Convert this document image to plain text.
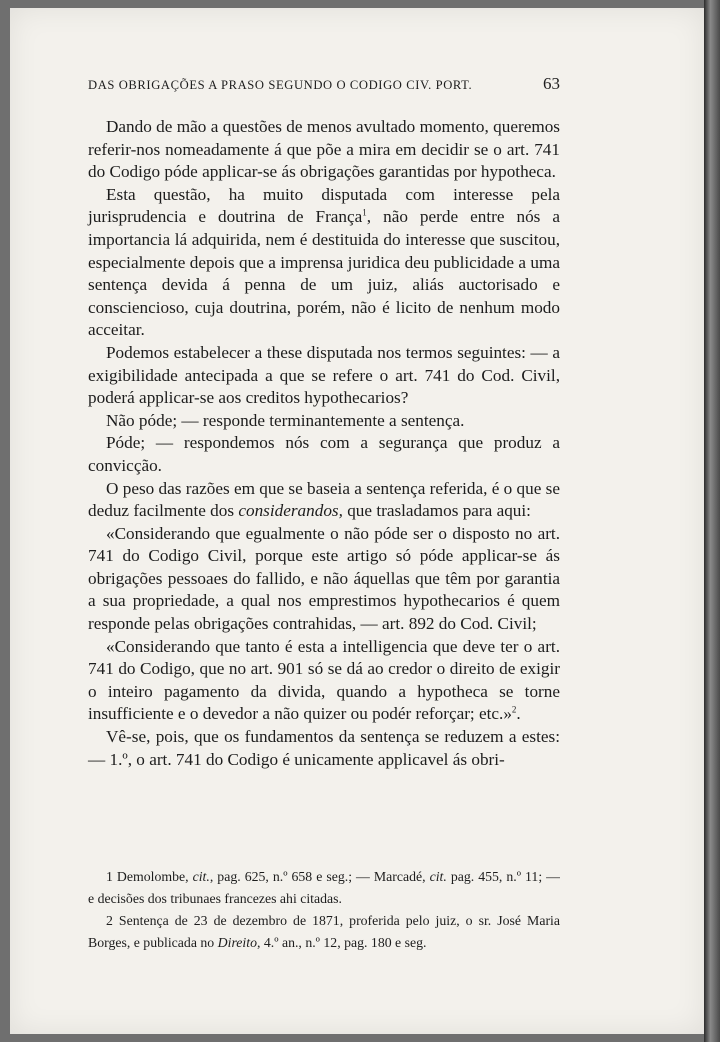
DAS OBRIGAÇÕES A PRASO SEGUNDO O CODIGO CIV. PORT.	63

Dando de mão a questões de menos avultado momento, queremos referir-nos nomeadamente á que põe a mira em decidir se o art. 741 do Codigo póde applicar-se ás obrigações garantidas por hypotheca.

Esta questão, ha muito disputada com interesse pela jurisprudencia e doutrina de França$^1$, não perde entre nós a importancia lá adquirida, nem é destituida do interesse que suscitou, especialmente depois que a imprensa juridica deu publicidade a uma sentença devida á penna de um juiz, aliás auctorisado e consciencioso, cuja doutrina, porém, não é licito de nenhum modo acceitar.

Podemos estabelecer a these disputada nos termos seguintes: — a exigibilidade antecipada a que se refere o art. 741 do Cod. Civil, poderá applicar-se aos creditos hypothecarios?

Não póde; — responde terminantemente a sentença.

Póde; — respondemos nós com a segurança que produz a convicção.

O peso das razões em que se baseia a sentença referida, é o que se deduz facilmente dos considerandos, que trasladamos para aqui:

«Considerando que egualmente o não póde ser o disposto no art. 741 do Codigo Civil, porque este artigo só póde applicar-se ás obrigações pessoaes do fallido, e não áquellas que têm por garantia a sua propriedade, a qual nos emprestimos hypothecarios é quem responde pelas obrigações contrahidas, — art. 892 do Cod. Civil;

«Considerando que tanto é esta a intelligencia que deve ter o art. 741 do Codigo, que no art. 901 só se dá ao credor o direito de exigir o inteiro pagamento da divida, quando a hypotheca se torne insufficiente e o devedor a não quizer ou podér reforçar; etc.»$^2$.

Vê-se, pois, que os fundamentos da sentença se reduzem a estes: — 1.º, o art. 741 do Codigo é unicamente applicavel ás obri-

1 Demolombe, cit., pag. 625, n.º 658 e seg.; — Marcadé, cit. pag. 455, n.º 11; — e decisões dos tribunaes francezes ahi citadas.

2 Sentença de 23 de dezembro de 1871, proferida pelo juiz, o sr. José Maria Borges, e publicada no Direito, 4.º an., n.º 12, pag. 180 e seg.
